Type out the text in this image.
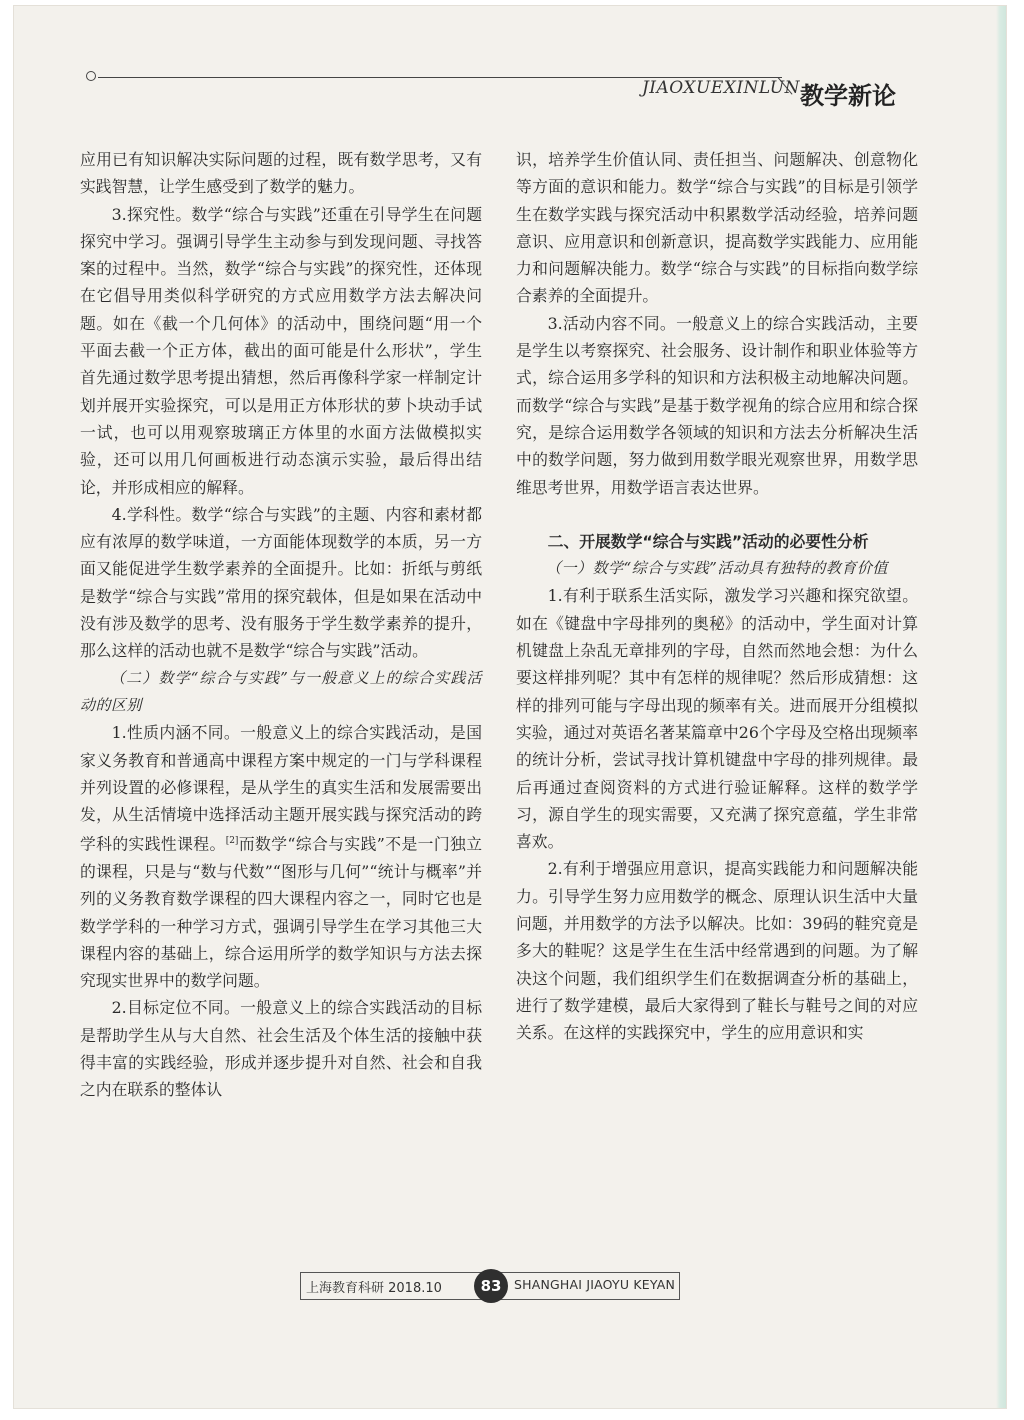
JIAOXUEXINLUN 教学新论

应用已有知识解决实际问题的过程，既有数学思考，又有实践智慧，让学生感受到了数学的魅力。

3.探究性。数学“综合与实践”还重在引导学生在问题探究中学习。强调引导学生主动参与到发现问题、寻找答案的过程中。当然，数学“综合与实践”的探究性，还体现在它倡导用类似科学研究的方式应用数学方法去解决问题。如在《截一个几何体》的活动中，围绕问题“用一个平面去截一个正方体，截出的面可能是什么形状”，学生首先通过数学思考提出猜想，然后再像科学家一样制定计划并展开实验探究，可以是用正方体形状的萝卜块动手试一试，也可以用观察玻璃正方体里的水面方法做模拟实验，还可以用几何画板进行动态演示实验，最后得出结论，并形成相应的解释。

4.学科性。数学“综合与实践”的主题、内容和素材都应有浓厚的数学味道，一方面能体现数学的本质，另一方面又能促进学生数学素养的全面提升。比如：折纸与剪纸是数学“综合与实践”常用的探究载体，但是如果在活动中没有涉及数学的思考、没有服务于学生数学素养的提升，那么这样的活动也就不是数学“综合与实践”活动。

（二）数学“综合与实践”与一般意义上的综合实践活动的区别

1.性质内涵不同。一般意义上的综合实践活动，是国家义务教育和普通高中课程方案中规定的一门与学科课程并列设置的必修课程，是从学生的真实生活和发展需要出发，从生活情境中选择活动主题开展实践与探究活动的跨学科的实践性课程。[2]而数学“综合与实践”不是一门独立的课程，只是与“数与代数”“图形与几何”“统计与概率”并列的义务教育数学课程的四大课程内容之一，同时它也是数学学科的一种学习方式，强调引导学生在学习其他三大课程内容的基础上，综合运用所学的数学知识与方法去探究现实世界中的数学问题。

2.目标定位不同。一般意义上的综合实践活动的目标是帮助学生从与大自然、社会生活及个体生活的接触中获得丰富的实践经验，形成并逐步提升对自然、社会和自我之内在联系的整体认

识，培养学生价值认同、责任担当、问题解决、创意物化等方面的意识和能力。数学“综合与实践”的目标是引领学生在数学实践与探究活动中积累数学活动经验，培养问题意识、应用意识和创新意识，提高数学实践能力、应用能力和问题解决能力。数学“综合与实践”的目标指向数学综合素养的全面提升。

3.活动内容不同。一般意义上的综合实践活动，主要是学生以考察探究、社会服务、设计制作和职业体验等方式，综合运用多学科的知识和方法积极主动地解决问题。而数学“综合与实践”是基于数学视角的综合应用和综合探究，是综合运用数学各领域的知识和方法去分析解决生活中的数学问题，努力做到用数学眼光观察世界，用数学思维思考世界，用数学语言表达世界。

二、开展数学“综合与实践”活动的必要性分析

（一）数学“综合与实践”活动具有独特的教育价值

1.有利于联系生活实际，激发学习兴趣和探究欲望。如在《键盘中字母排列的奥秘》的活动中，学生面对计算机键盘上杂乱无章排列的字母，自然而然地会想：为什么要这样排列呢？其中有怎样的规律呢？然后形成猜想：这样的排列可能与字母出现的频率有关。进而展开分组模拟实验，通过对英语名著某篇章中26个字母及空格出现频率的统计分析，尝试寻找计算机键盘中字母的排列规律。最后再通过查阅资料的方式进行验证解释。这样的数学学习，源自学生的现实需要，又充满了探究意蕴，学生非常喜欢。

2.有利于增强应用意识，提高实践能力和问题解决能力。引导学生努力应用数学的概念、原理认识生活中大量问题，并用数学的方法予以解决。比如：39码的鞋究竟是多大的鞋呢？这是学生在生活中经常遇到的问题。为了解决这个问题，我们组织学生们在数据调查分析的基础上，进行了数学建模，最后大家得到了鞋长与鞋号之间的对应关系。在这样的实践探究中，学生的应用意识和实

上海教育科研 2018.10	83	SHANGHAI JIAOYU KEYAN
